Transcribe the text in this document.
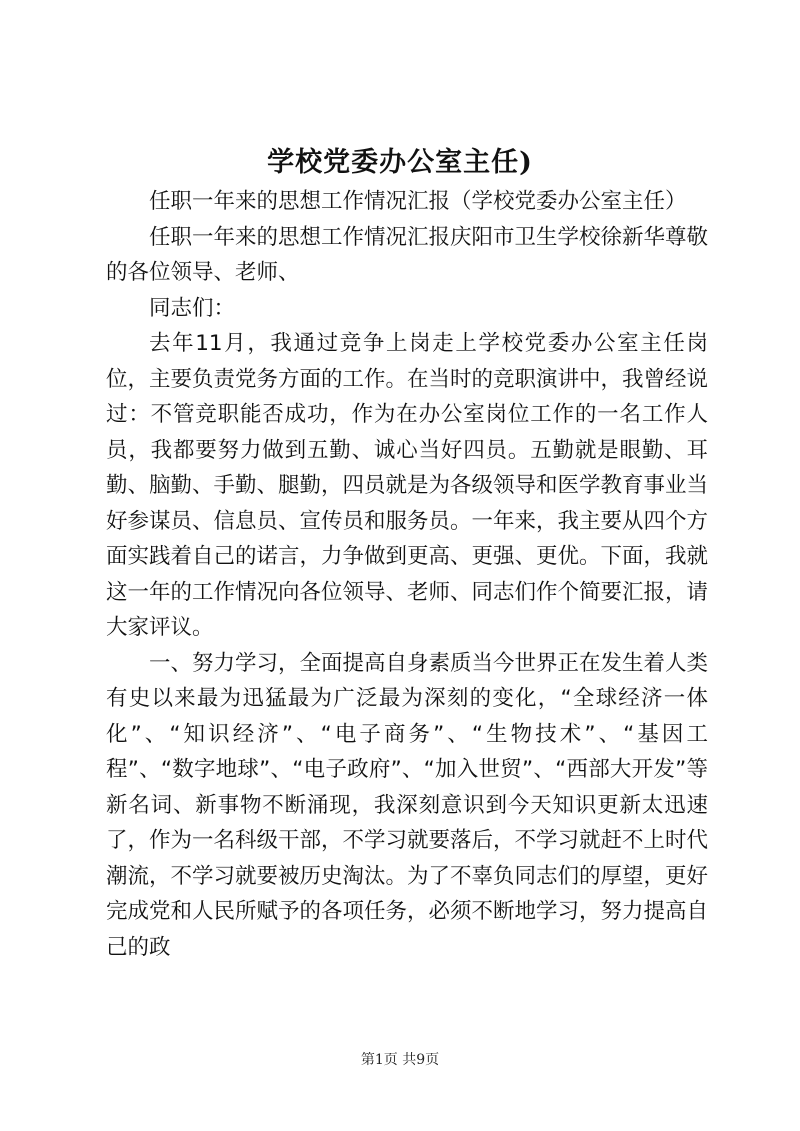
学校党委办公室主任)

任职一年来的思想工作情况汇报（学校党委办公室主任）

任职一年来的思想工作情况汇报庆阳市卫生学校徐新华尊敬的各位领导、老师、

同志们：

去年11月，我通过竞争上岗走上学校党委办公室主任岗位，主要负责党务方面的工作。在当时的竞职演讲中，我曾经说过：不管竞职能否成功，作为在办公室岗位工作的一名工作人员，我都要努力做到五勤、诚心当好四员。五勤就是眼勤、耳勤、脑勤、手勤、腿勤，四员就是为各级领导和医学教育事业当好参谋员、信息员、宣传员和服务员。一年来，我主要从四个方面实践着自己的诺言，力争做到更高、更强、更优。下面，我就这一年的工作情况向各位领导、老师、同志们作个简要汇报，请大家评议。

一、努力学习，全面提高自身素质当今世界正在发生着人类有史以来最为迅猛最为广泛最为深刻的变化，“全球经济一体化”、“知识经济”、“电子商务”、“生物技术”、“基因工程”、“数字地球”、“电子政府”、“加入世贸”、“西部大开发”等新名词、新事物不断涌现，我深刻意识到今天知识更新太迅速了，作为一名科级干部，不学习就要落后，不学习就赶不上时代潮流，不学习就要被历史淘汰。为了不辜负同志们的厚望，更好完成党和人民所赋予的各项任务，必须不断地学习，努力提高自己的政

第1页 共9页
